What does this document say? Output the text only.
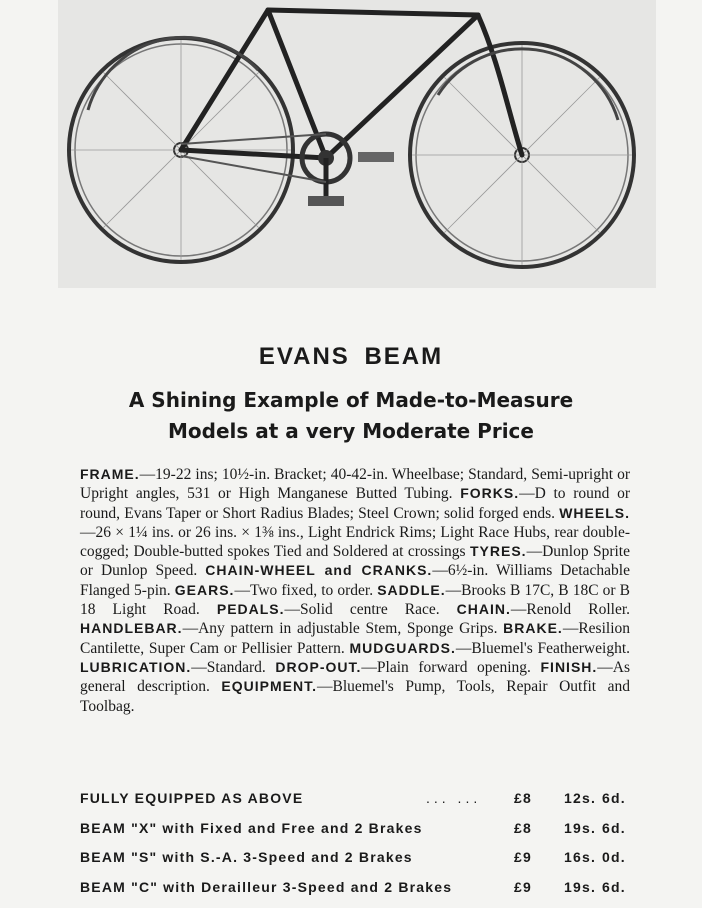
EVANS BEAM
A Shining Example of Made-to-Measure
Models at a very Moderate Price
FRAME.—19-22 ins; 10½-in. Bracket; 40-42-in. Wheelbase; Standard, Semi-upright or Upright angles, 531 or High Manganese Butted Tubing. FORKS.—D to round or round, Evans Taper or Short Radius Blades; Steel Crown; solid forged ends. WHEELS.—26 × 1¼ ins. or 26 ins. × 1⅜ ins., Light Endrick Rims; Light Race Hubs, rear double-cogged; Double-butted spokes Tied and Soldered at crossings TYRES.—Dunlop Sprite or Dunlop Speed. CHAIN-WHEEL and CRANKS.—6½-in. Williams Detachable Flanged 5-pin. GEARS.—Two fixed, to order. SADDLE.—Brooks B 17C, B 18C or B 18 Light Road. PEDALS.—Solid centre Race. CHAIN.—Renold Roller. HANDLEBAR.—Any pattern in adjustable Stem, Sponge Grips. BRAKE.—Resilion Cantilette, Super Cam or Pellisier Pattern. MUDGUARDS.—Bluemel's Featherweight. LUBRICATION.—Standard. DROP-OUT.—Plain forward opening. FINISH.—As general description. EQUIPMENT.—Bluemel's Pump, Tools, Repair Outfit and Toolbag.
FULLY EQUIPPED AS ABOVE	... ... £8 12s. 6d.
BEAM "X" with Fixed and Free and 2 Brakes	£8 19s. 6d.
BEAM "S" with S.-A. 3-Speed and 2 Brakes	£9 16s. 0d.
BEAM "C" with Derailleur 3-Speed and 2 Brakes	£9 19s. 6d.
